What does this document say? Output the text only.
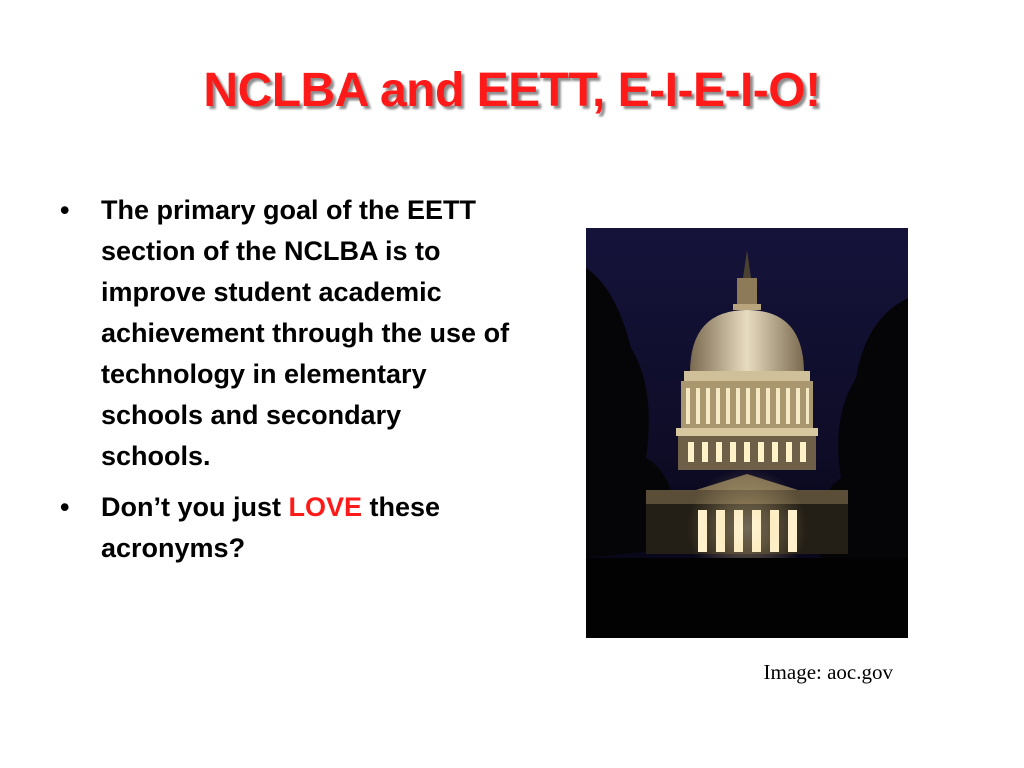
NCLBA and EETT, E-I-E-I-O!
•	The primary goal of the EETT section of the NCLBA is to improve student academic achievement through the use of technology in elementary schools and secondary schools.
•	Don’t you just LOVE these acronyms?

Image: aoc.gov
